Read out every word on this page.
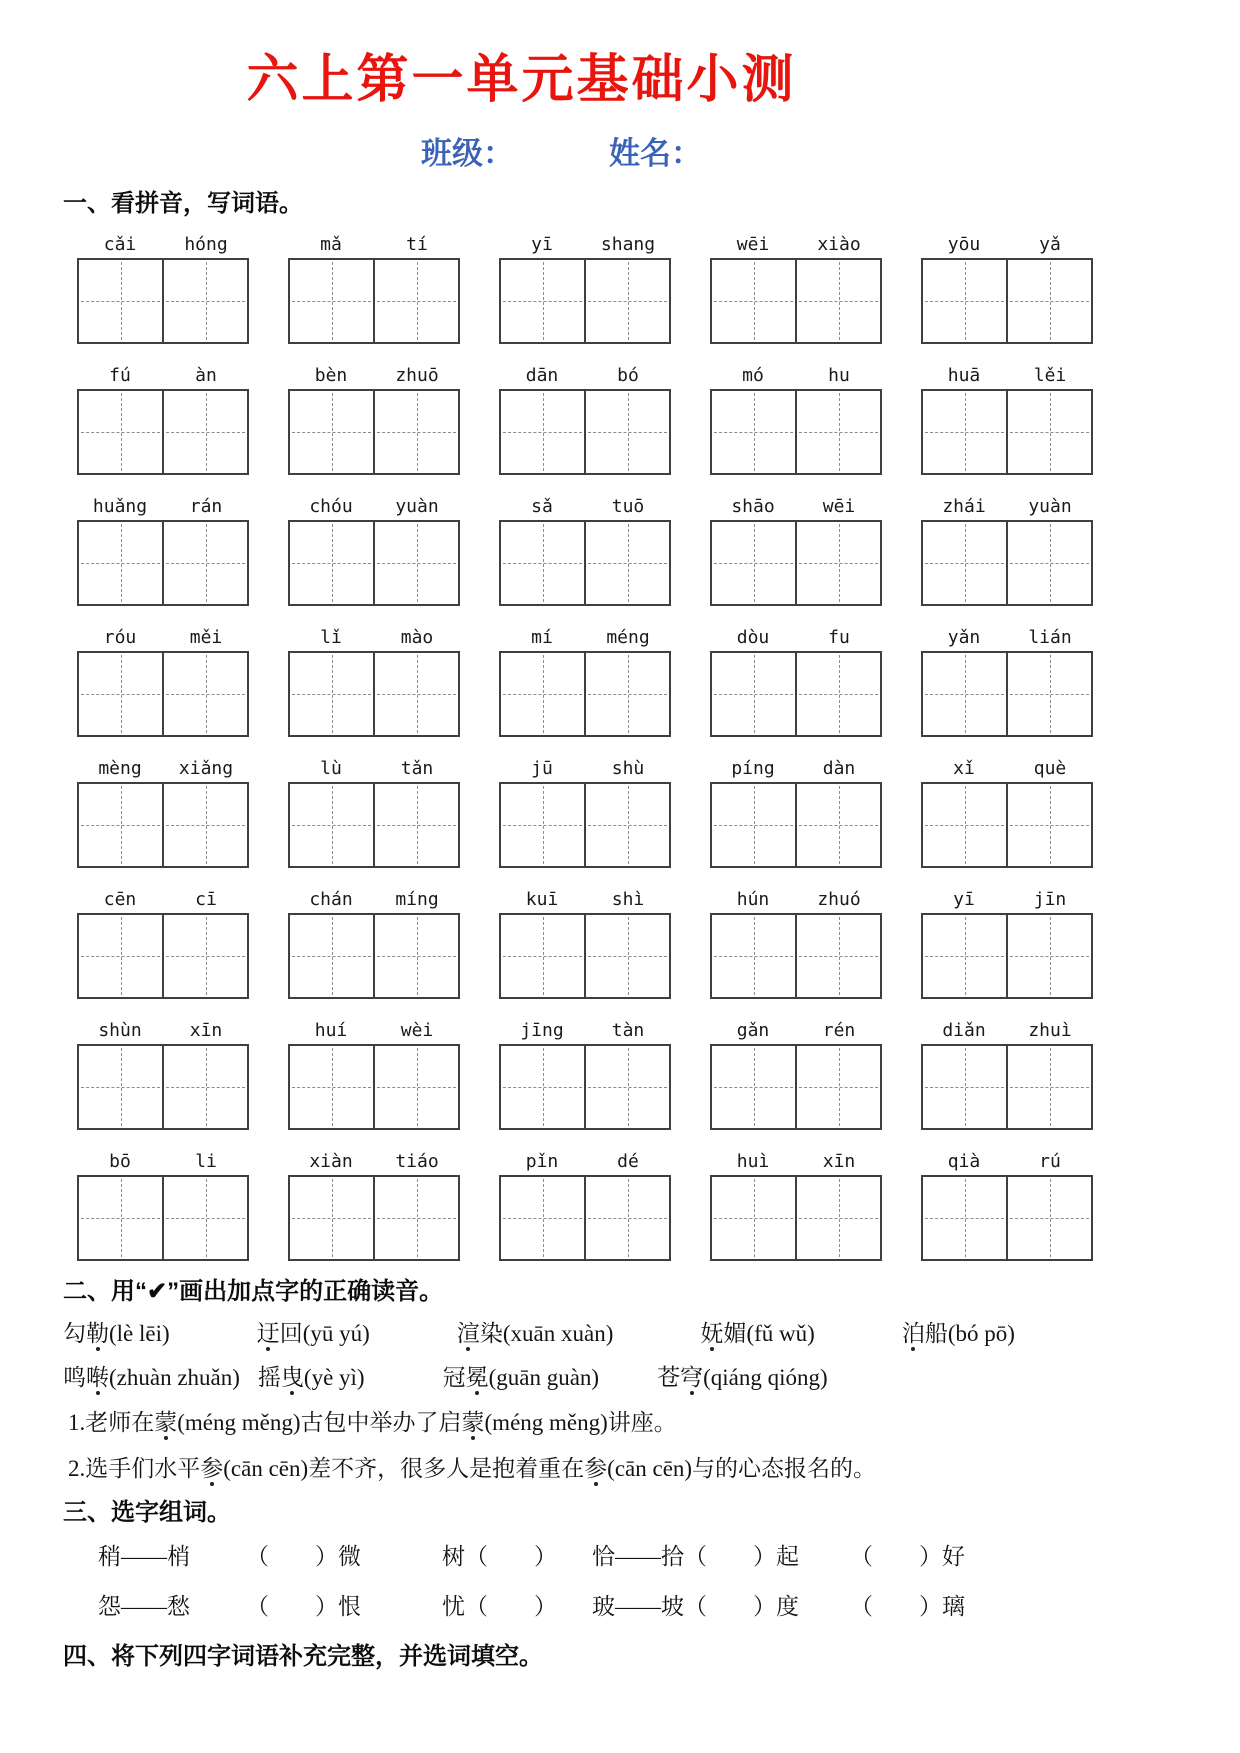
六上第一单元基础小测
班级：	姓名：
一、看拼音，写词语。
cǎi	hóng	mǎ	tí	yī	shang	wēi	xiào	yōu	yǎ
fú	àn	bèn	zhuō	dān	bó	mó	hu	huā	lěi
huǎng	rán	chóu	yuàn	sǎ	tuō	shāo	wēi	zhái	yuàn
róu	měi	lǐ	mào	mí	méng	dòu	fu	yǎn	lián
mèng	xiǎng	lù	tǎn	jū	shù	píng	dàn	xǐ	què
cēn	cī	chán	míng	kuī	shì	hún	zhuó	yī	jīn
shùn	xīn	huí	wèi	jīng	tàn	gǎn	rén	diǎn	zhuì
bō	li	xiàn	tiáo	pǐn	dé	huì	xīn	qià	rú
二、用“✔”画出加点字的正确读音。
勾勒(lè lēi)	迂回(yū yú)	渲染(xuān xuàn)	妩媚(fǔ wǔ)	泊船(bó pō)
鸣啭(zhuàn zhuǎn) 摇曳(yè yì)	冠冕(guān guàn)	苍穹(qiáng qióng)
1.老师在蒙(méng měng)古包中举办了启蒙(méng měng)讲座。
2.选手们水平参(cān cēn)差不齐，很多人是抱着重在参(cān cēn)与的心态报名的。
三、选字组词。
稍——梢	（　　）微	树（　　）	恰——拾（　　）起	（　　）好
怨——愁	（　　）恨	忧（　　）	玻——坡（　　）度	（　　）璃
四、将下列四字词语补充完整，并选词填空。
